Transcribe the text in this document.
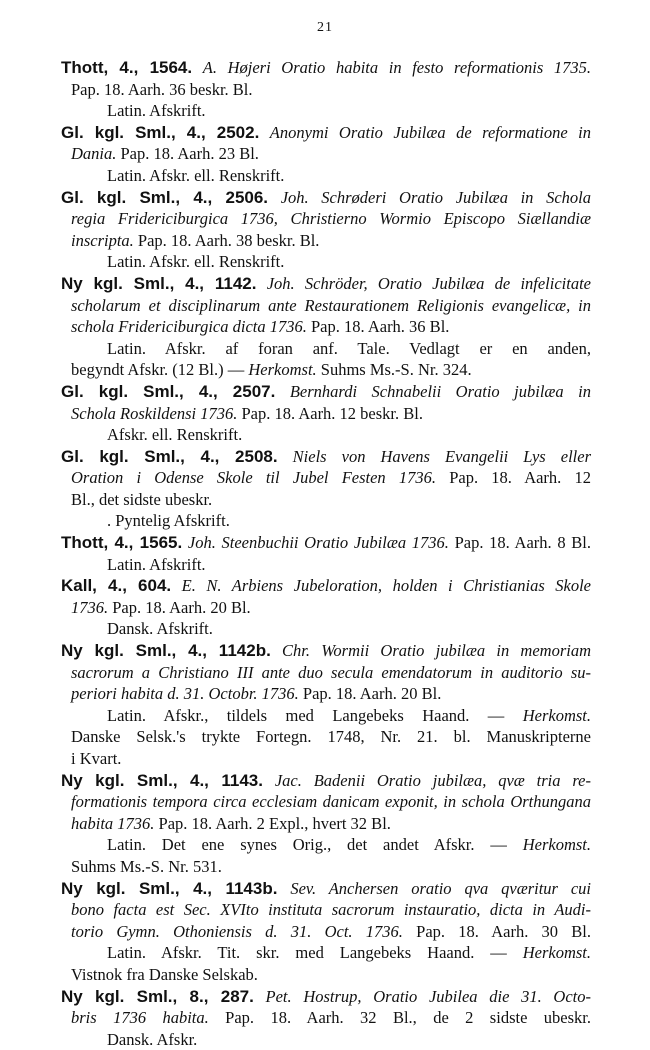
21
Thott, 4., 1564. A. Højeri Oratio habita in festo reformationis 1735.
Pap. 18. Aarh. 36 beskr. Bl.
Latin. Afskrift.
Gl. kgl. Sml., 4., 2502. Anonymi Oratio Jubilæa de reformatione in
Dania. Pap. 18. Aarh. 23 Bl.
Latin. Afskr. ell. Renskrift.
Gl. kgl. Sml., 4., 2506. Joh. Schrøderi Oratio Jubilæa in Schola
regia Fridericiburgica 1736, Christierno Wormio Episcopo Siællandiæ
inscripta. Pap. 18. Aarh. 38 beskr. Bl.
Latin. Afskr. ell. Renskrift.
Ny kgl. Sml., 4., 1142. Joh. Schröder, Oratio Jubilæa de infelicitate
scholarum et disciplinarum ante Restaurationem Religionis evangelicæ, in
schola Fridericiburgica dicta 1736. Pap. 18. Aarh. 36 Bl.
Latin. Afskr. af foran anf. Tale. Vedlagt er en anden,
begyndt Afskr. (12 Bl.) — Herkomst. Suhms Ms.-S. Nr. 324.
Gl. kgl. Sml., 4., 2507. Bernhardi Schnabelii Oratio jubilæa in
Schola Roskildensi 1736. Pap. 18. Aarh. 12 beskr. Bl.
Afskr. ell. Renskrift.
Gl. kgl. Sml., 4., 2508. Niels von Havens Evangelii Lys eller
Oration i Odense Skole til Jubel Festen 1736. Pap. 18. Aarh. 12
Bl., det sidste ubeskr.
. Pyntelig Afskrift.
Thott, 4., 1565. Joh. Steenbuchii Oratio Jubilæa 1736. Pap. 18. Aarh. 8 Bl.
Latin. Afskrift.
Kall, 4., 604. E. N. Arbiens Jubeloration, holden i Christianias Skole
1736. Pap. 18. Aarh. 20 Bl.
Dansk. Afskrift.
Ny kgl. Sml., 4., 1142b. Chr. Wormii Oratio jubilæa in memoriam
sacrorum a Christiano III ante duo secula emendatorum in auditorio su-
periori habita d. 31. Octobr. 1736. Pap. 18. Aarh. 20 Bl.
Latin. Afskr., tildels med Langebeks Haand. — Herkomst.
Danske Selsk.'s trykte Fortegn. 1748, Nr. 21. bl. Manuskripterne
i Kvart.
Ny kgl. Sml., 4., 1143. Jac. Badenii Oratio jubilæa, qvæ tria re-
formationis tempora circa ecclesiam danicam exponit, in schola Orthungana
habita 1736. Pap. 18. Aarh. 2 Expl., hvert 32 Bl.
Latin. Det ene synes Orig., det andet Afskr. — Herkomst.
Suhms Ms.-S. Nr. 531.
Ny kgl. Sml., 4., 1143b. Sev. Anchersen oratio qva qværitur cui
bono facta est Sec. XVIto instituta sacrorum instauratio, dicta in Audi-
torio Gymn. Othoniensis d. 31. Oct. 1736. Pap. 18. Aarh. 30 Bl.
Latin. Afskr. Tit. skr. med Langebeks Haand. — Herkomst.
Vistnok fra Danske Selskab.
Ny kgl. Sml., 8., 287. Pet. Hostrup, Oratio Jubilea die 31. Octo-
bris 1736 habita. Pap. 18. Aarh. 32 Bl., de 2 sidste ubeskr.
Dansk. Afskr.
